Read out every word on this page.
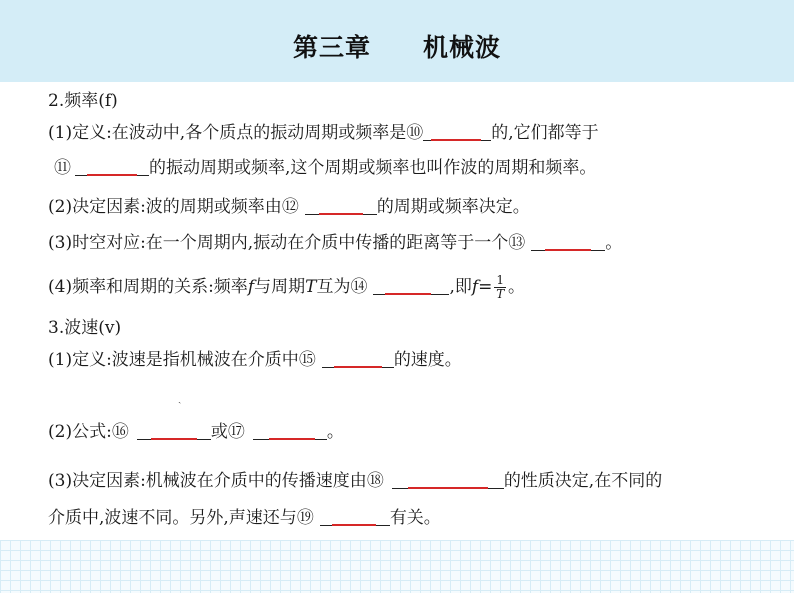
第三章　　机械波
2.频率(f)
(1)定义:在波动中,各个质点的振动周期或频率是⑩	的,它们都等于
⑪	的振动周期或频率,这个周期或频率也叫作波的周期和频率。
(2)决定因素:波的周期或频率由⑫	的周期或频率决定。
(3)时空对应:在一个周期内,振动在介质中传播的距离等于一个⑬	。
(4)频率和周期的关系:频率f与周期T互为⑭	,即$f= \frac{1}{T}$ 。
3.波速(v)
(1)定义:波速是指机械波在介质中⑮	的速度。
ˏ
(2)公式:⑯	或⑰	。
(3)决定因素:机械波在介质中的传播速度由⑱	的性质决定,在不同的
介质中,波速不同。另外,声速还与⑲	有关。
